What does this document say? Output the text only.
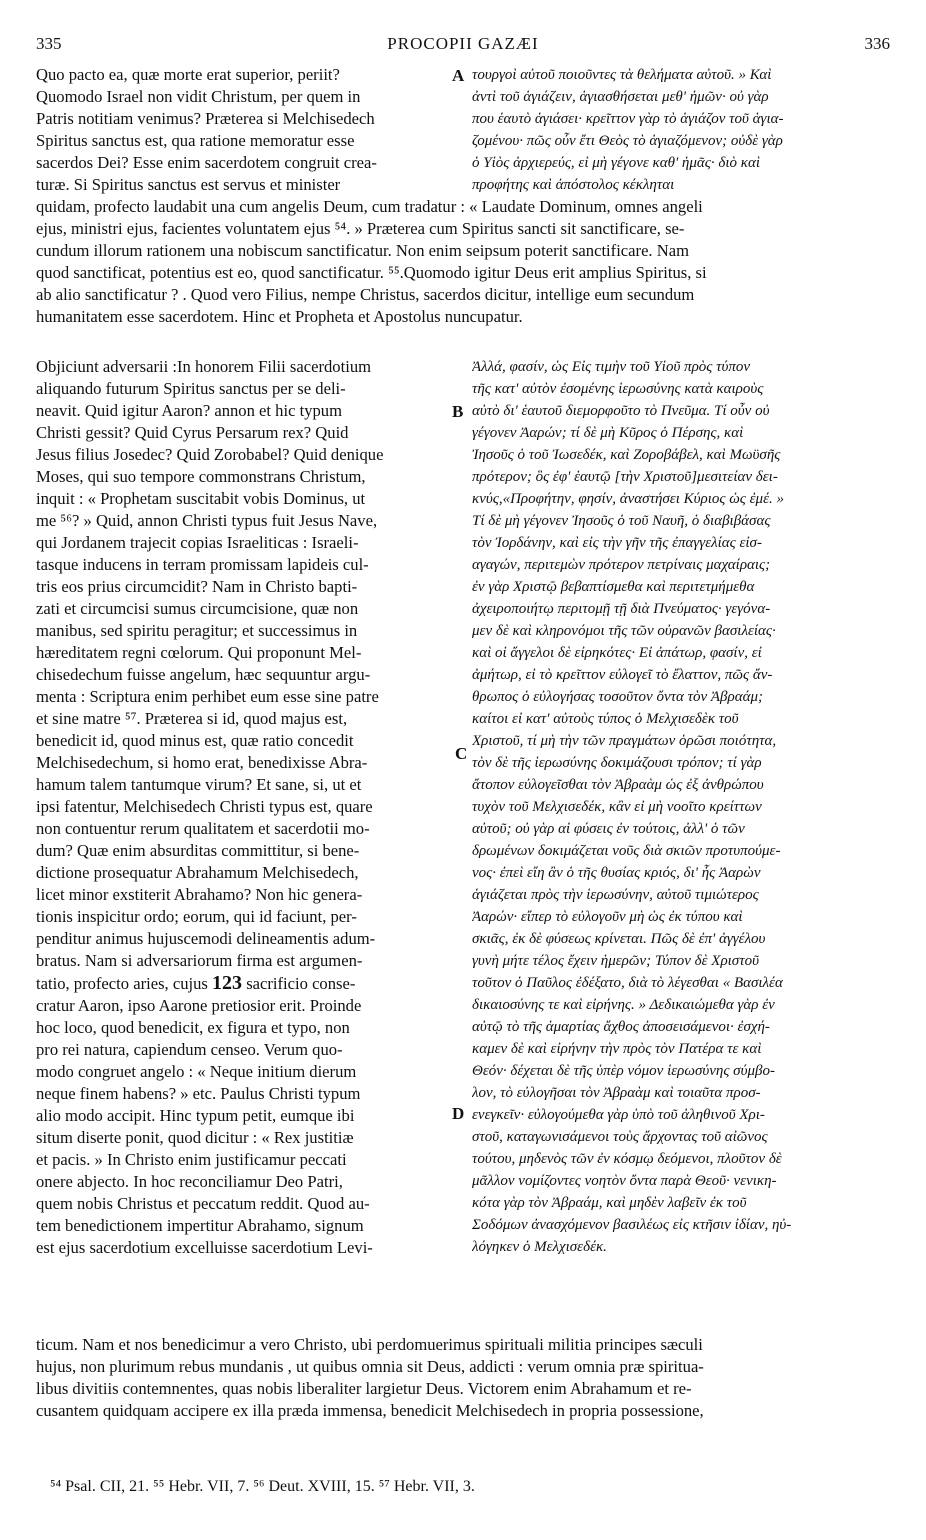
335	PROCOPII GAZÆI	336
Quo pacto ea, quæ morte erat superior, periit?
Quomodo Israel non vidit Christum, per quem in
Patris notitiam venimus? Præterea si Melchisedech
Spiritus sanctus est, qua ratione memoratur esse
sacerdos Dei? Esse enim sacerdotem congruit crea-
turæ. Si Spiritus sanctus est servus et minister
A τουργοὶ αὐτοῦ ποιοῦντες τὰ θελήματα αὐτοῦ. » Καὶ
ἀντὶ τοῦ ἁγιάζειν, ἁγιασθήσεται μεθ' ἡμῶν· οὐ γὰρ
που ἑαυτὸ ἁγιάσει· κρεῖττον γὰρ τὸ ἁγιάζον τοῦ ἁγια-
ζομένου· πῶς οὖν ἔτι Θεὸς τὸ ἁγιαζόμενον; οὐδὲ γὰρ
ὁ Υἱὸς ἀρχιερεύς, εἰ μὴ γέγονε καθ' ἡμᾶς· διὸ καὶ
προφήτης καὶ ἀπόστολος κέκληται
quidam, profecto laudabit una cum angelis Deum, cum tradatur : « Laudate Dominum, omnes angeli
ejus, ministri ejus, facientes voluntatem ejus ⁵⁴. » Præterea cum Spiritus sancti sit sanctificare, se-
cundum illorum rationem una nobiscum sanctificatur. Non enim seipsum poterit sanctificare. Nam
quod sanctificat, potentius est eo, quod sanctificatur. ⁵⁵.Quomodo igitur Deus erit amplius Spiritus, si
ab alio sanctificatur ? . Quod vero Filius, nempe Christus, sacerdos dicitur, intellige eum secundum
humanitatem esse sacerdotem. Hinc et Propheta et Apostolus nuncupatur.
Objiciunt adversarii :In honorem Filii sacerdotium
aliquando futurum Spiritus sanctus per se deli-
neavit. Quid igitur Aaron? annon et hic typum
Christi gessit? Quid Cyrus Persarum rex? Quid
Jesus filius Josedec? Quid Zorobabel? Quid denique
Moses, qui suo tempore commonstrans Christum,
inquit : « Prophetam suscitabit vobis Dominus, ut
me ⁵⁶? » Quid, annon Christi typus fuit Jesus Nave,
qui Jordanem trajecit copias Israeliticas : Israeli-
tasque inducens in terram promissam lapideis cul-
tris eos prius circumcidit? Nam in Christo bapti-
zati et circumcisi sumus circumcisione, quæ non
manibus, sed spiritu peragitur; et successimus in
hæreditatem regni cœlorum. Qui proponunt Mel-
chisedechum fuisse angelum, hæc sequuntur argu-
menta : Scriptura enim perhibet eum esse sine patre
et sine matre ⁵⁷. Præterea si id, quod majus est,
benedicit id, quod minus est, quæ ratio concedit
Melchisedechum, si homo erat, benedixisse Abra-
hamum talem tantumque virum? Et sane, si, ut et
ipsi fatentur, Melchisedech Christi typus est, quare
non contuentur rerum qualitatem et sacerdotii mo-
dum? Quæ enim absurditas committitur, si bene-
dictione prosequatur Abrahamum Melchisedech,
licet minor exstiterit Abrahamo? Non hic genera-
tionis inspicitur ordo; eorum, qui id faciunt, per-
penditur animus hujuscemodi delineamentis adum-
bratus. Nam si adversariorum firma est argumen-
tatio, profecto aries, cujus 123 sacrificio conse-
cratur Aaron, ipso Aarone pretiosior erit. Proinde
hoc loco, quod benedicit, ex figura et typo, non
pro rei natura, capiendum censeo. Verum quo-
modo congruet angelo : « Neque initium dierum
neque finem habens? » etc. Paulus Christi typum
alio modo accipit. Hinc typum petit, eumque ibi
situm diserte ponit, quod dicitur : « Rex justitiæ
et pacis. » In Christo enim justificamur peccati
onere abjecto. In hoc reconciliamur Deo Patri,
quem nobis Christus et peccatum reddit. Quod au-
tem benedictionem impertitur Abrahamo, signum
est ejus sacerdotium excelluisse sacerdotium Levi-
B
C
D
Ἀλλά, φασίν, ὡς Εἰς τιμὴν τοῦ Υἱοῦ πρὸς τύπον
τῆς κατ' αὐτὸν ἐσομένης ἱερωσύνης κατὰ καιροὺς
αὐτὸ δι' ἑαυτοῦ διεμορφοῦτο τὸ Πνεῦμα. Τί οὖν οὐ
γέγονεν Ἀαρών; τί δὲ μὴ Κῦρος ὁ Πέρσης, καὶ
Ἰησοῦς ὁ τοῦ Ἰωσεδέκ, καὶ Ζοροβάβελ, καὶ Μωϋσῆς
πρότερον; ὃς ἐφ' ἑαυτῷ [τὴν Χριστοῦ]μεσιτείαν δει-
κνύς,«Προφήτην, φησίν, ἀναστήσει Κύριος ὡς ἐμέ. »
Τί δὲ μὴ γέγονεν Ἰησοῦς ὁ τοῦ Ναυῆ, ὁ διαβιβάσας
τὸν Ἰορδάνην, καὶ εἰς τὴν γῆν τῆς ἐπαγγελίας εἰσ-
αγαγών, περιτεμὼν πρότερον πετρίναις μαχαίραις;
ἐν γὰρ Χριστῷ βεβαπτίσμεθα καὶ περιτετμήμεθα
ἀχειροποιήτῳ περιτομῇ τῇ διὰ Πνεύματος· γεγόνα-
μεν δὲ καὶ κληρονόμοι τῆς τῶν οὐρανῶν βασιλείας·
καὶ οἱ ἄγγελοι δὲ εἰρηκότες· Εἰ ἀπάτωρ, φασίν, εἰ
ἀμήτωρ, εἰ τὸ κρεῖττον εὐλογεῖ τὸ ἔλαττον, πῶς ἄν-
θρωπος ὁ εὐλογήσας τοσοῦτον ὄντα τὸν Ἀβραάμ;
καίτοι εἰ κατ' αὐτοὺς τύπος ὁ Μελχισεδὲκ τοῦ
Χριστοῦ, τί μὴ τὴν τῶν πραγμάτων ὁρῶσι ποιότητα,
τὸν δὲ τῆς ἱερωσύνης δοκιμάζουσι τρόπον; τί γὰρ
ἄτοπον εὐλογεῖσθαι τὸν Ἀβραὰμ ὡς ἐξ ἀνθρώπου
τυχὸν τοῦ Μελχισεδέκ, κἂν εἰ μὴ νοοῖτο κρείττων
αὐτοῦ; οὐ γὰρ αἱ φύσεις ἐν τούτοις, ἀλλ' ὁ τῶν
δρωμένων δοκιμάζεται νοῦς διὰ σκιῶν προτυπούμε-
νος· ἐπεὶ εἴη ἂν ὁ τῆς θυσίας κριός, δι' ἧς Ἀαρὼν
ἁγιάζεται πρὸς τὴν ἱερωσύνην, αὐτοῦ τιμιώτερος
Ἀαρών· εἴπερ τὸ εὐλογοῦν μὴ ὡς ἐκ τύπου καὶ
σκιᾶς, ἐκ δὲ φύσεως κρίνεται. Πῶς δὲ ἐπ' ἀγγέλου
γυνὴ μήτε τέλος ἔχειν ἡμερῶν; Τύπον δὲ Χριστοῦ
τοῦτον ὁ Παῦλος ἐδέξατο, διὰ τὸ λέγεσθαι « Βασιλέα
δικαιοσύνης τε καὶ εἰρήνης. » Δεδικαιώμεθα γὰρ ἐν
αὐτῷ τὸ τῆς ἁμαρτίας ἄχθος ἀποσεισάμενοι· ἐσχή-
καμεν δὲ καὶ εἰρήνην τὴν πρὸς τὸν Πατέρα τε καὶ
Θεόν· δέχεται δὲ τῆς ὑπὲρ νόμον ἱερωσύνης σύμβο-
λον, τὸ εὐλογῆσαι τὸν Ἀβραὰμ καὶ τοιαῦτα προσ-
ενεγκεῖν· εὐλογούμεθα γὰρ ὑπὸ τοῦ ἀληθινοῦ Χρι-
στοῦ, καταγωνισάμενοι τοὺς ἄρχοντας τοῦ αἰῶνος
τούτου, μηδενὸς τῶν ἐν κόσμῳ δεόμενοι, πλοῦτον δὲ
μᾶλλον νομίζοντες νοητὸν ὄντα παρὰ Θεοῦ· νενικη-
κότα γὰρ τὸν Ἀβραάμ, καὶ μηδὲν λαβεῖν ἐκ τοῦ
Σοδόμων ἀνασχόμενον βασιλέως εἰς κτῆσιν ἰδίαν, ηὐ-
λόγηκεν ὁ Μελχισεδέκ.
ticum. Nam et nos benedicimur a vero Christo, ubi perdomuerimus spirituali militia principes sæculi
hujus, non plurimum rebus mundanis , ut quibus omnia sit Deus, addicti : verum omnia præ spiritua-
libus divitiis contemnentes, quas nobis liberaliter largietur Deus. Victorem enim Abrahamum et re-
cusantem quidquam accipere ex illa præda immensa, benedicit Melchisedech in propria possessione,
⁵⁴ Psal. CII, 21. ⁵⁵ Hebr. VII, 7. ⁵⁶ Deut. XVIII, 15. ⁵⁷ Hebr. VII, 3.
